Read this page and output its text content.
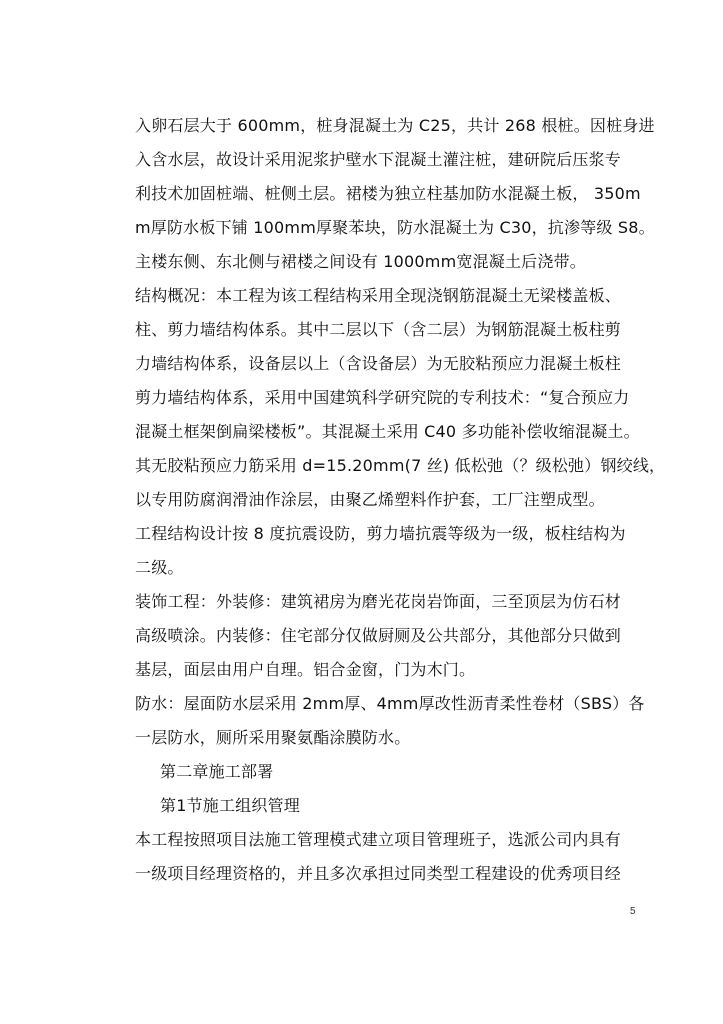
入卵石层大于 600mm，桩身混凝土为 C25，共计 268 根桩。因桩身进
入含水层，故设计采用泥浆护壁水下混凝土灌注桩，建研院后压浆专
利技术加固桩端、桩侧土层。裙楼为独立柱基加防水混凝土板， 350m
m厚防水板下铺 100mm厚聚苯块，防水混凝土为 C30，抗渗等级 S8。
主楼东侧、东北侧与裙楼之间设有 1000mm宽混凝土后浇带。
结构概况：本工程为该工程结构采用全现浇钢筋混凝土无梁楼盖板、
柱、剪力墙结构体系。其中二层以下（含二层）为钢筋混凝土板柱剪
力墙结构体系，设备层以上（含设备层）为无胶粘预应力混凝土板柱
剪力墙结构体系，采用中国建筑科学研究院的专利技术：“复合预应力
混凝土框架倒扁梁楼板”。其混凝土采用 C40 多功能补偿收缩混凝土。
其无胶粘预应力筋采用 d=15.20mm(7 丝) 低松弛（？级松弛）钢绞线，
以专用防腐润滑油作涂层，由聚乙烯塑料作护套，工厂注塑成型。
工程结构设计按 8 度抗震设防，剪力墙抗震等级为一级，板柱结构为
二级。
装饰工程：外装修：建筑裙房为磨光花岗岩饰面，三至顶层为仿石材
高级喷涂。内装修：住宅部分仅做厨厕及公共部分，其他部分只做到
基层，面层由用户自理。铝合金窗，门为木门。
防水：屋面防水层采用 2mm厚、4mm厚改性沥青柔性卷材（SBS）各
一层防水，厕所采用聚氨酯涂膜防水。
第二章施工部署
第1节施工组织管理
本工程按照项目法施工管理模式建立项目管理班子，选派公司内具有
一级项目经理资格的，并且多次承担过同类型工程建设的优秀项目经
5
